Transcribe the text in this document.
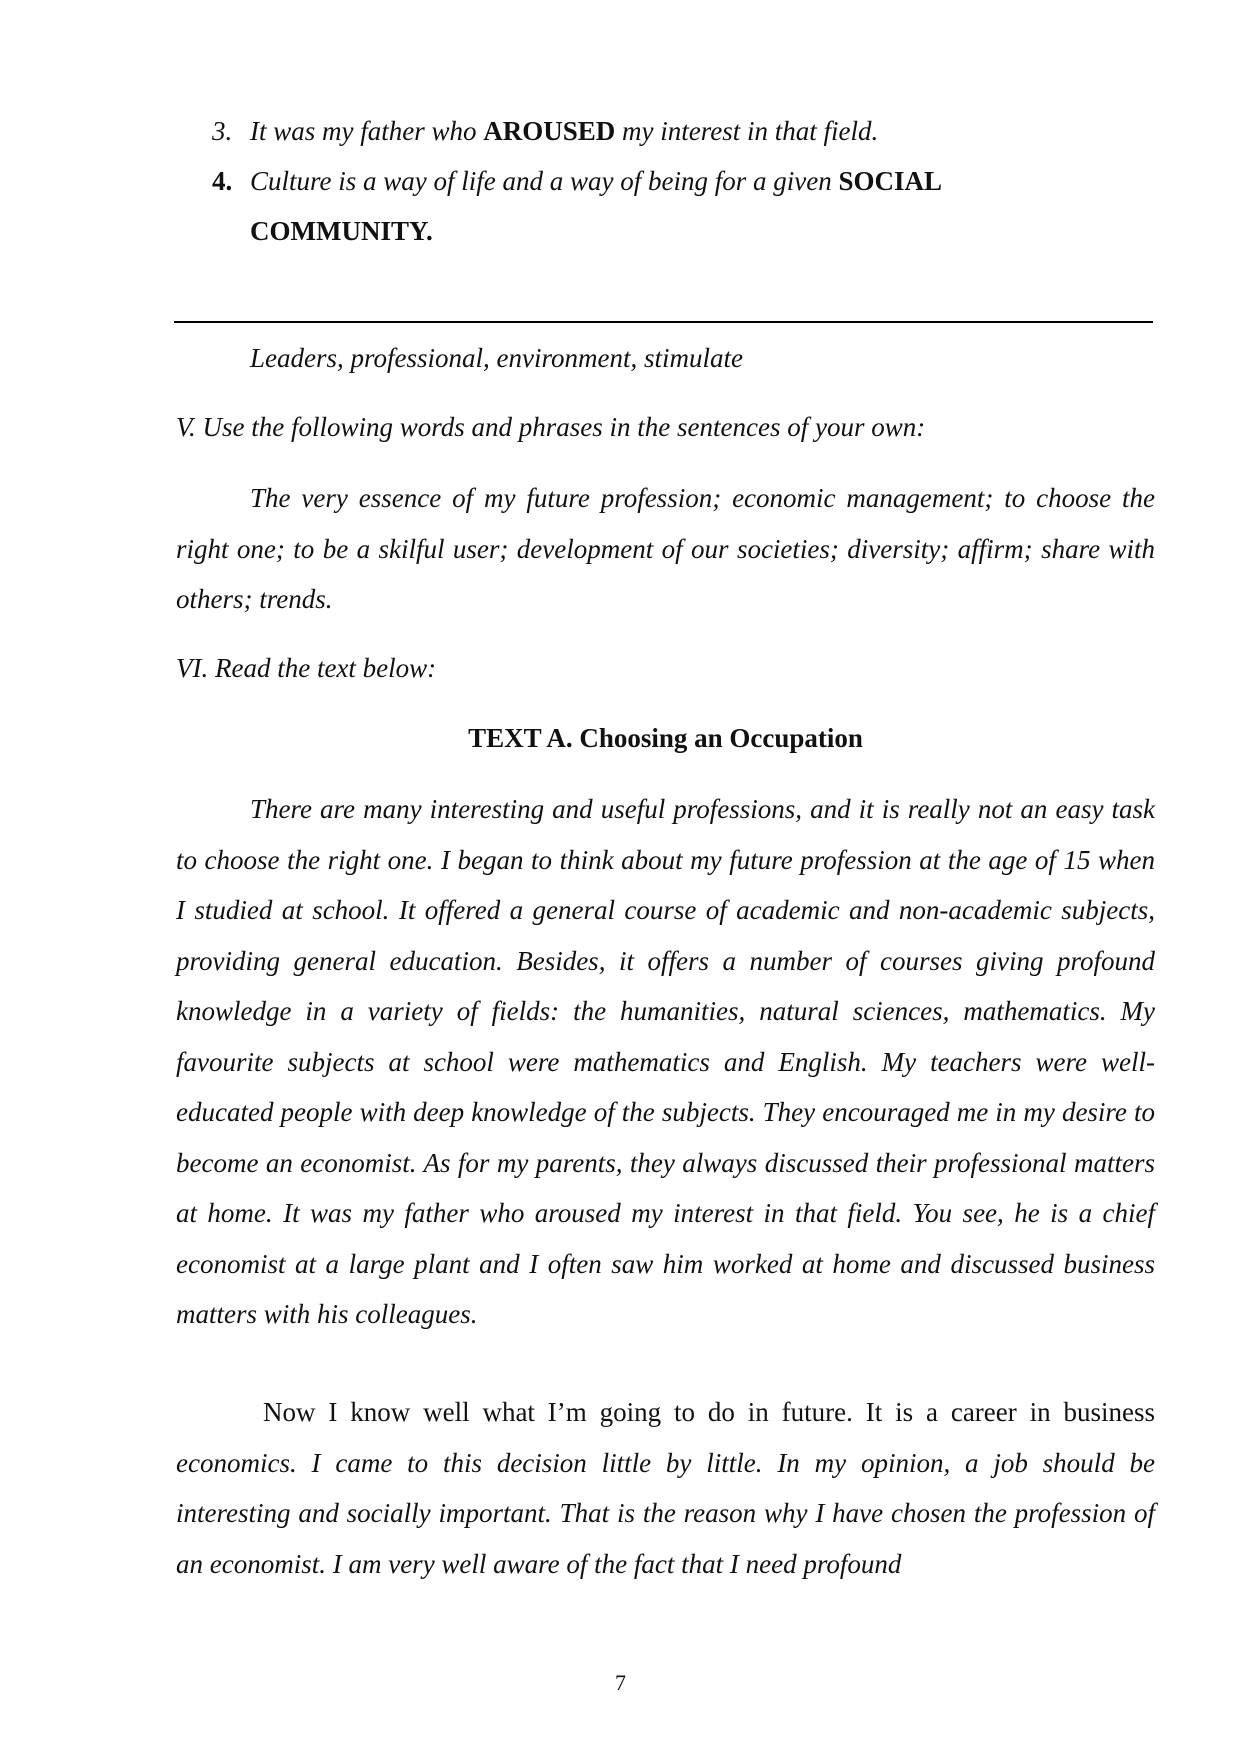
3. It was my father who AROUSED my interest in that field.
4. Culture is a way of life and a way of being for a given SOCIAL
COMMUNITY.
Leaders, professional, environment, stimulate
V. Use the following words and phrases in the sentences of your own:
The very essence of my future profession; economic management; to choose the right one; to be a skilful user; development of our societies; diversity; affirm; share with others; trends.
VI. Read the text below:
TEXT A. Choosing an Occupation
There are many interesting and useful professions, and it is really not an easy task to choose the right one. I began to think about my future profession at the age of 15 when I studied at school. It offered a general course of academic and non-academic subjects, providing general education. Besides, it offers a number of courses giving profound knowledge in a variety of fields: the humanities, natural sciences, mathematics. My favourite subjects at school were mathematics and English. My teachers were well-educated people with deep knowledge of the subjects. They encouraged me in my desire to become an economist. As for my parents, they always discussed their professional matters at home. It was my father who aroused my interest in that field. You see, he is a chief economist at a large plant and I often saw him worked at home and discussed business matters with his colleagues.
Now I know well what I’m going to do in future. It is a career in business economics. I came to this decision little by little. In my opinion, a job should be interesting and socially important. That is the reason why I have chosen the profession of an economist. I am very well aware of the fact that I need profound
7
